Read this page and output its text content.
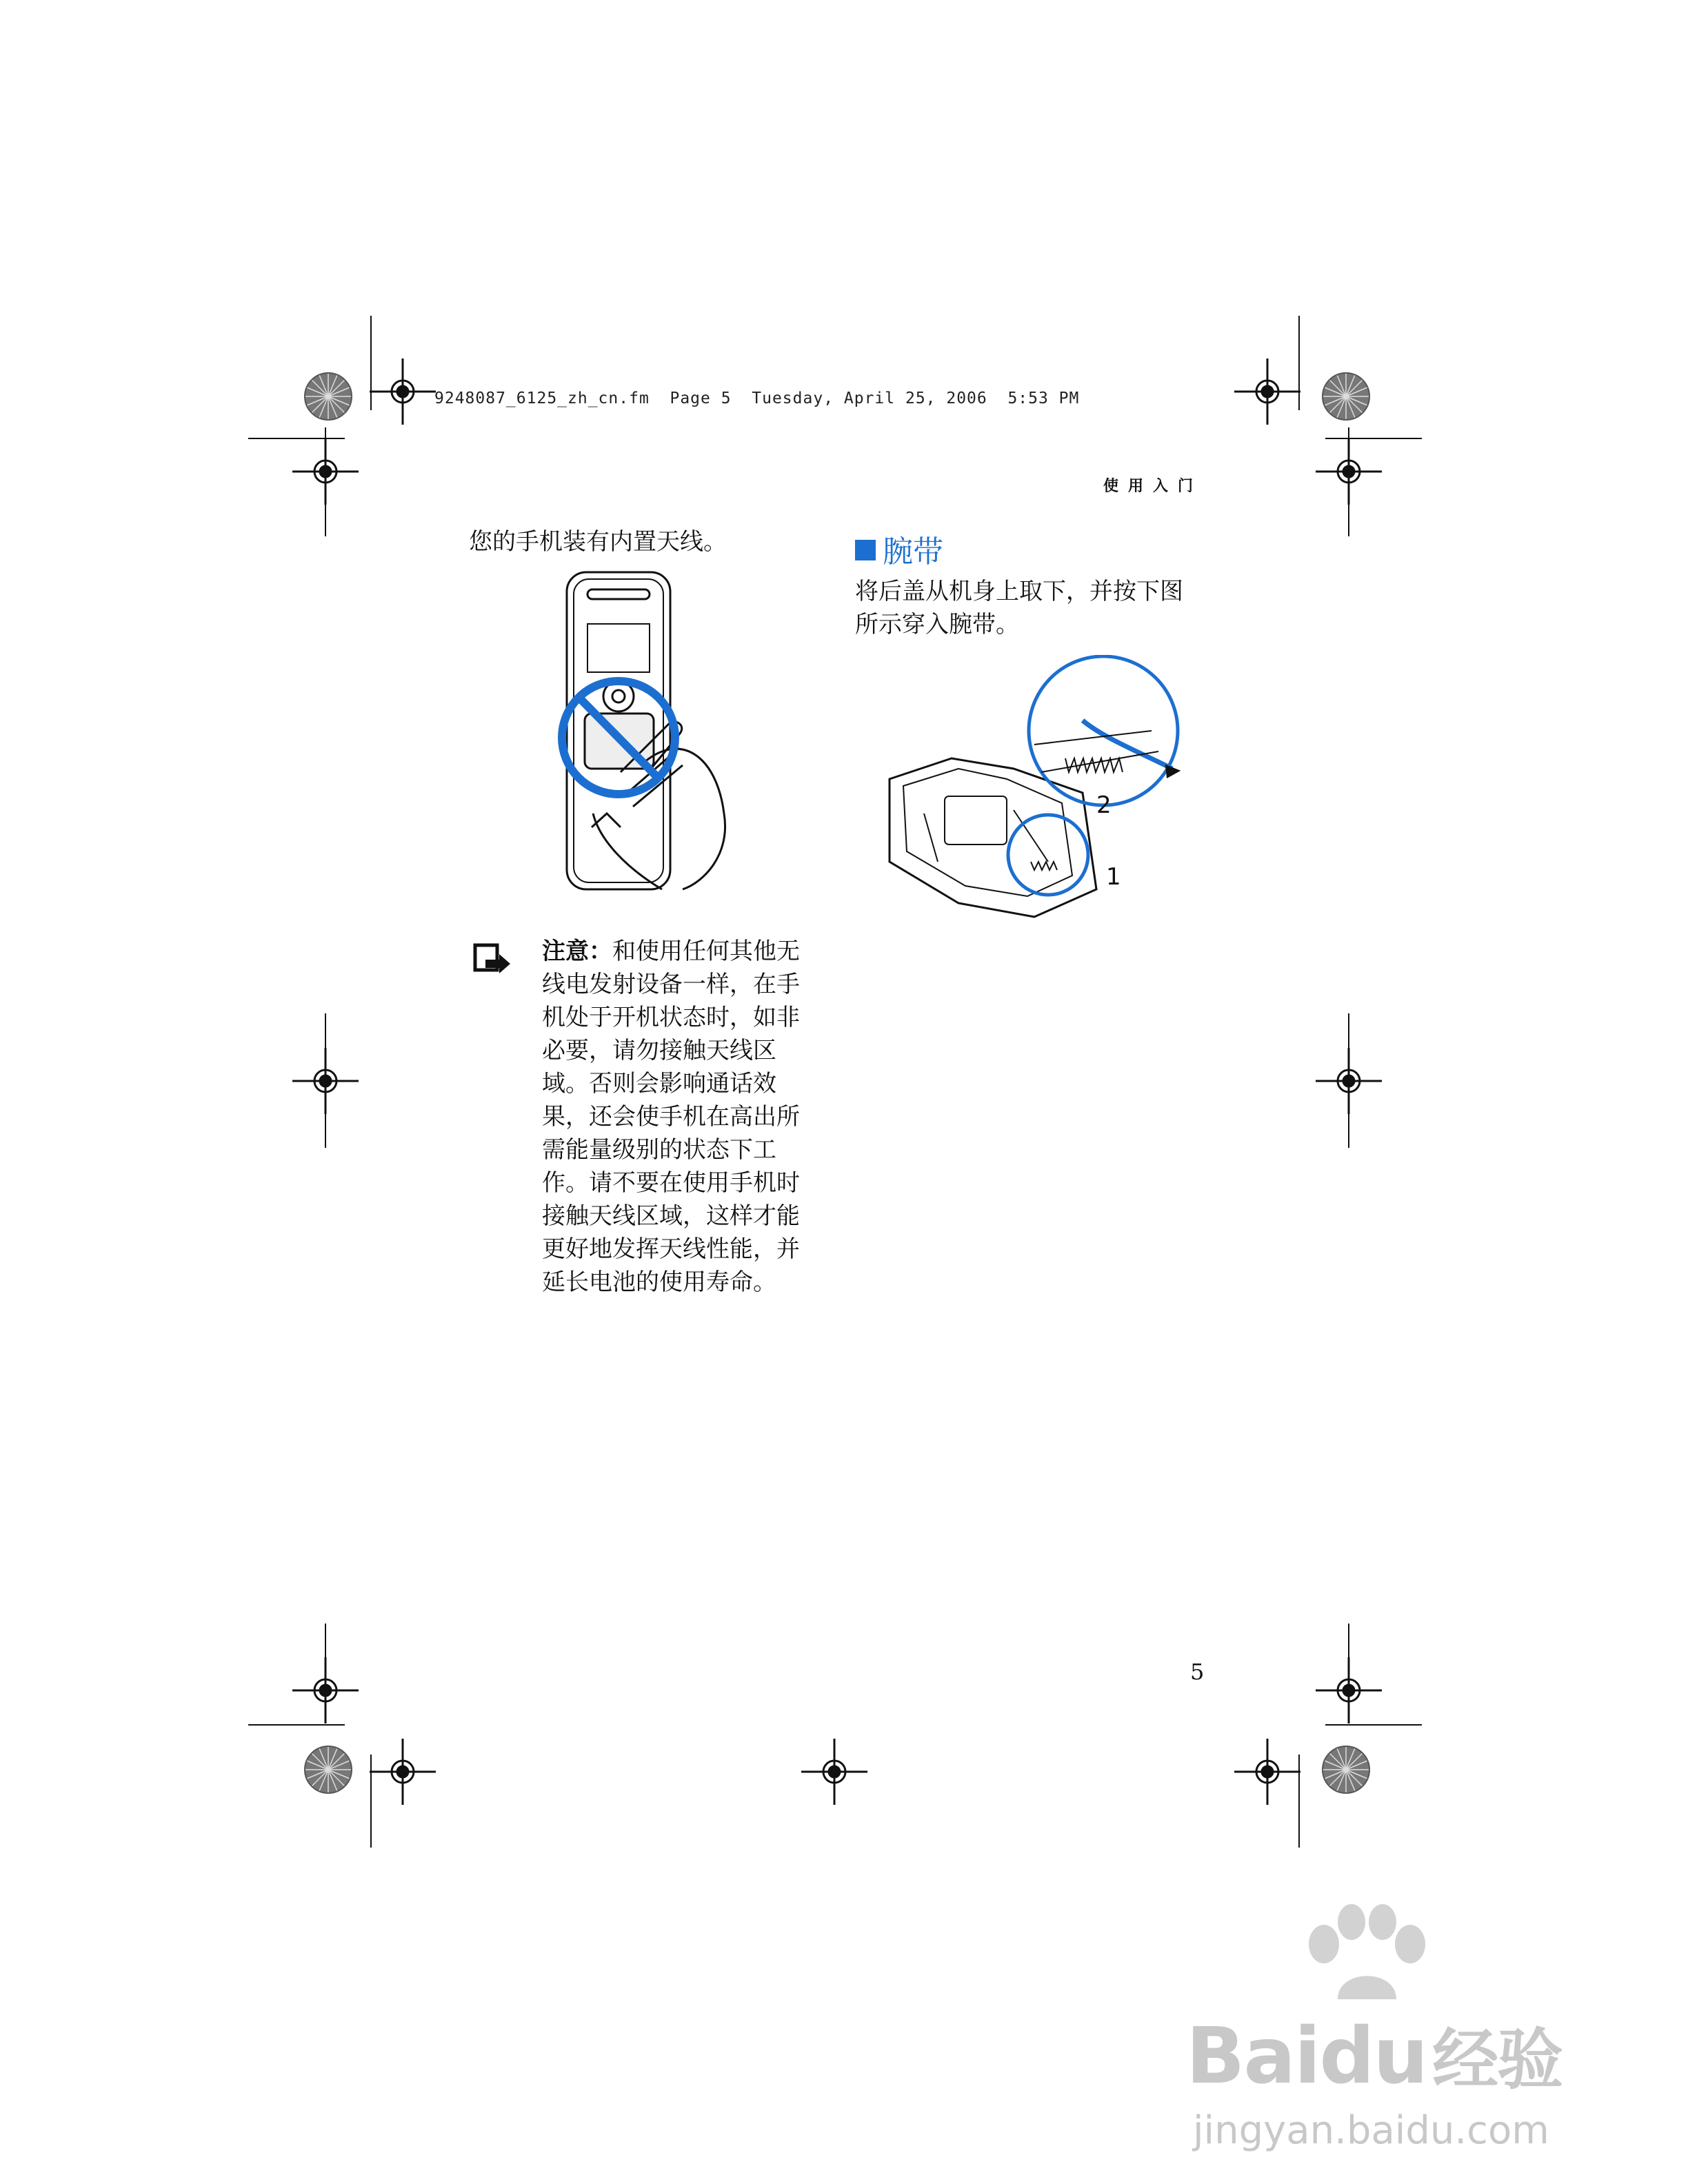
9248087_6125_zh_cn.fm  Page 5  Tuesday, April 25, 2006  5:53 PM
使用入门
您的手机装有内置天线。
注意：和使用任何其他无
线电发射设备一样，在手
机处于开机状态时，如非
必要，请勿接触天线区
域。否则会影响通话效
果，还会使手机在高出所
需能量级别的状态下工
作。请不要在使用手机时
接触天线区域，这样才能
更好地发挥天线性能，并
延长电池的使用寿命。
腕带
将后盖从机身上取下，并按下图
所示穿入腕带。
2
1
5
Baidu经验
jingyan.baidu.com
